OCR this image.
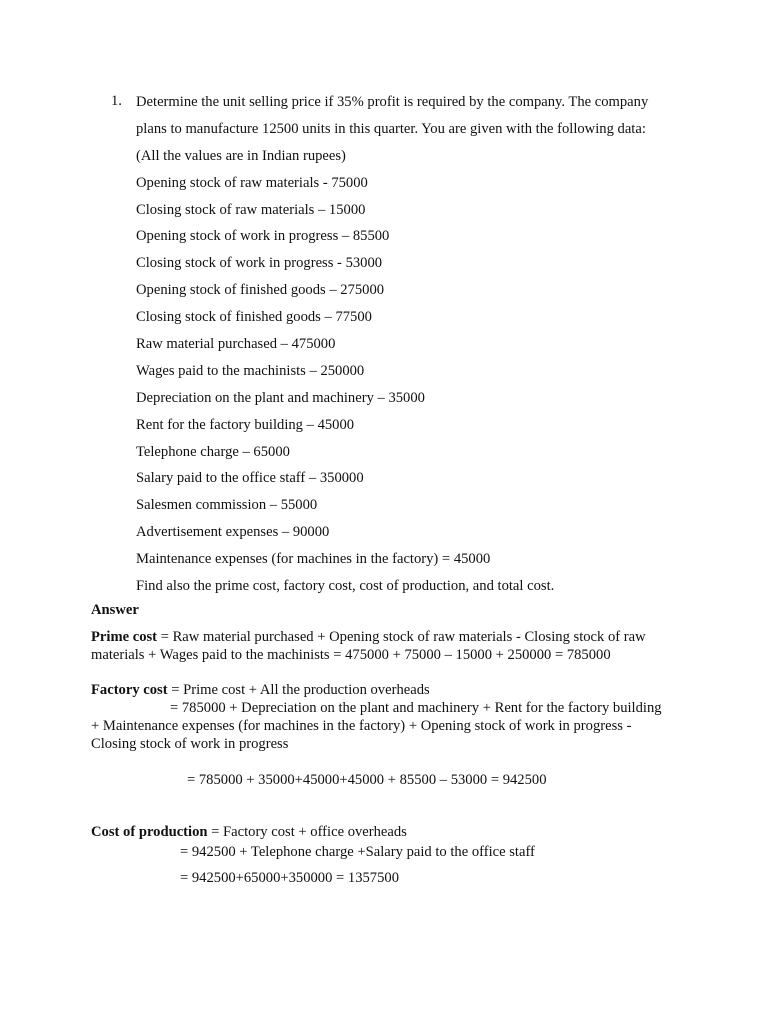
1. Determine the unit selling price if 35% profit is required by the company. The company
plans to manufacture 12500 units in this quarter. You are given with the following data:
(All the values are in Indian rupees)
Opening stock of raw materials - 75000
Closing stock of raw materials – 15000
Opening stock of work in progress – 85500
Closing stock of work in progress - 53000
Opening stock of finished goods – 275000
Closing stock of finished goods – 77500
Raw material purchased – 475000
Wages paid to the machinists – 250000
Depreciation on the plant and machinery – 35000
Rent for the factory building – 45000
Telephone charge – 65000
Salary paid to the office staff – 350000
Salesmen commission – 55000
Advertisement expenses – 90000
Maintenance expenses (for machines in the factory) = 45000
Find also the prime cost, factory cost, cost of production, and total cost.
Answer
Prime cost = Raw material purchased + Opening stock of raw materials - Closing stock of raw
materials + Wages paid to the machinists = 475000 + 75000 – 15000 + 250000 = 785000
Factory cost = Prime cost + All the production overheads
= 785000 + Depreciation on the plant and machinery + Rent for the factory building
+ Maintenance expenses (for machines in the factory) + Opening stock of work in progress -
Closing stock of work in progress
= 785000 + 35000+45000+45000 + 85500 – 53000 = 942500
Cost of production = Factory cost + office overheads
= 942500 + Telephone charge +Salary paid to the office staff
= 942500+65000+350000 = 1357500
